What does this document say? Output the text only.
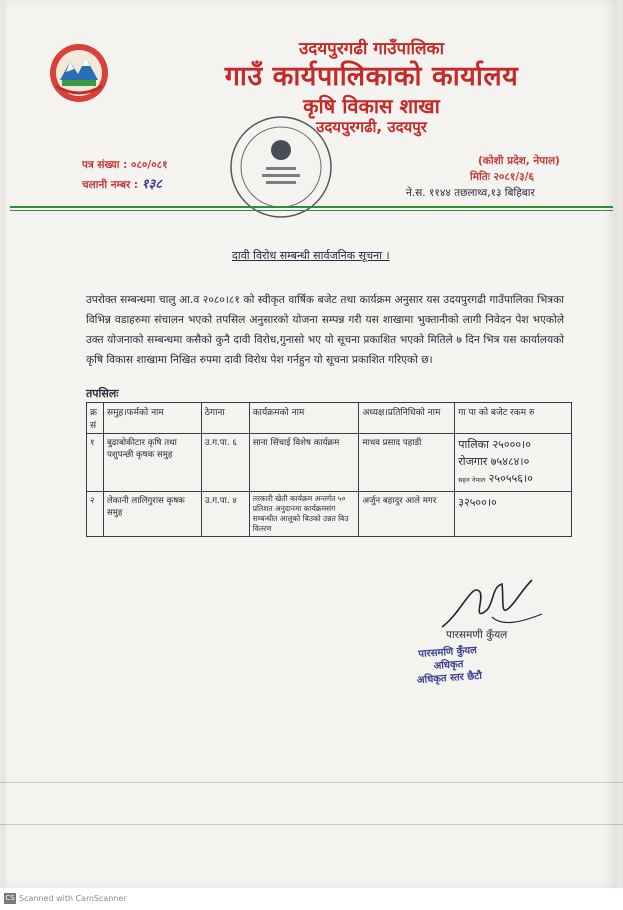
उदयपुरगढी गाउँपालिका
गाउँ कार्यपालिकाको कार्यालय
कृषि विकास शाखा
उदयपुरगढी, उदयपुर
पत्र संख्या : ०८०/०८१
चलानी नम्बर : १३८
(कोशी प्रदेश, नेपाल)
मितिः २०८१/३/६
ने.स. ११४४ तछलाथ्व,१३ बिहिबार
दावी विरोध सम्बन्धी सार्वजनिक सूचना ।
उपरोक्त सम्बन्धमा चालु आ.व २०८०।८१ को स्वीकृत वार्षिक बजेट तथा कार्यक्रम अनुसार यस उदयपुरगढी गाउँपालिका भित्रका विभिन्न वडाहरुमा संचालन भएको तपसिल अनुसारको योजना सम्पन्न गरी यस शाखामा भुक्तानीको लागी निवेदन पेश भएकोले उक्त योजनाको सम्बन्धमा कसैको कुनै दावी विरोध,गुनासो भए यो सूचना प्रकाशित भएको मितिले ७ दिन भित्र यस कार्यालयको कृषि विकास शाखामा निखित रुपमा दावी विरोध पेश गर्नहुन यो सूचना प्रकाशित गरिएको छ।
तपसिलः
क्र सं	समुह।फर्मको नाम	ठेगाना	कार्यक्रमको नाम	अध्यक्ष।प्रतिनिधिको नाम	गा पा को बजेट रकम रु
१	बुढाबोकीटार कृषि तथा पशुपन्छी कृषक समुह	उ.ग.पा. ६	साना सिंचाई विशेष कार्यक्रम	माधव प्रसाद पहाडी	पालिका २५०००।०
रोजगार ७५४८४।०
सहन नेपाल २५०५५६।०

२	लेकानी लालिगुरास कृषक समुह	उ.ग.पा. ४	तरकारी खेती कार्यक्रम अन्तर्गत ५० प्रतिशत अनुदानमा कार्यक्रमसंग सम्बन्धीत आलुको बिउको उन्नत बिउ वितरण	अर्जुन बहादुर आले मगर	३२५००।०
पारसमणी कुँयल
पारसमणि कुँयल
अधिकृत
अधिकृत स्तर छैटौ
CS Scanned with CamScanner
